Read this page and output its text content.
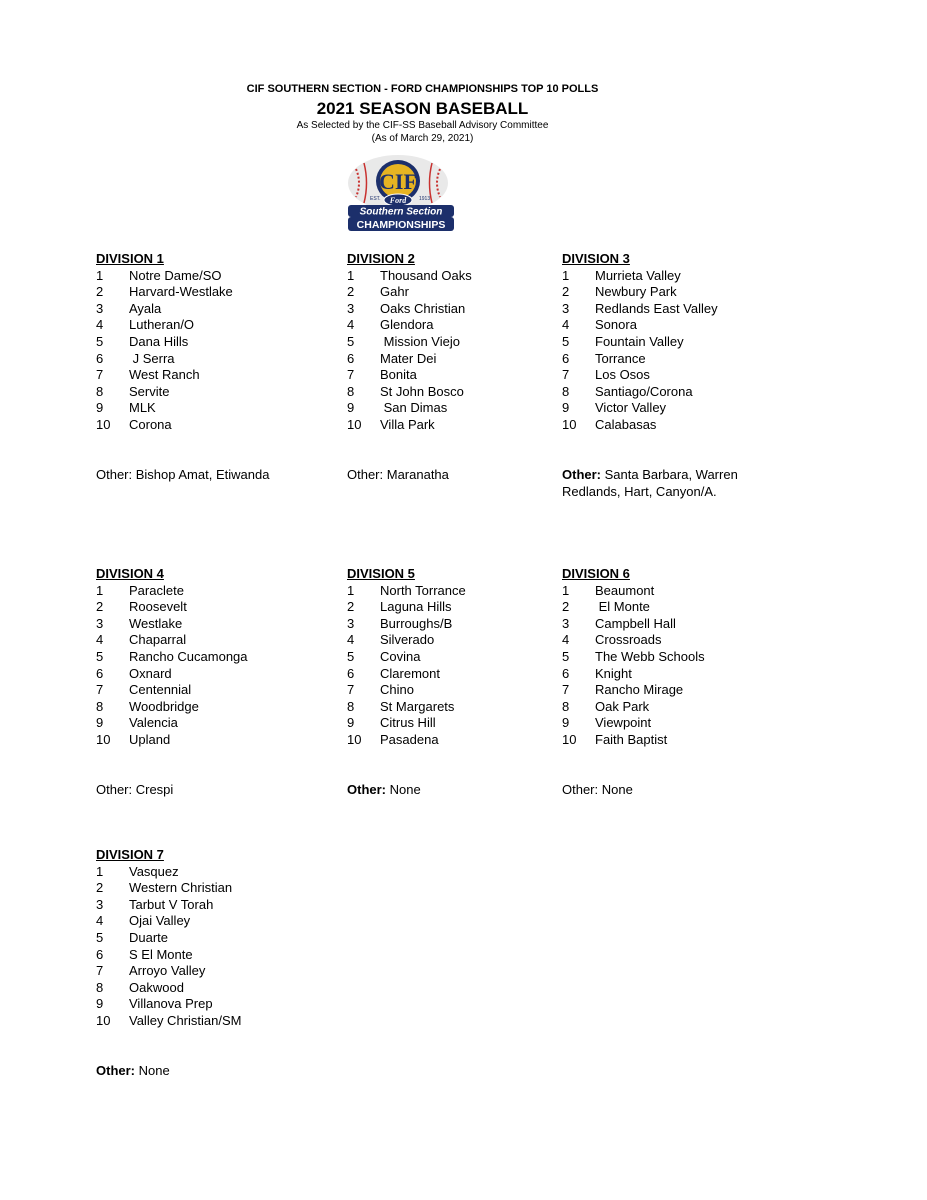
CIF SOUTHERN SECTION - FORD CHAMPIONSHIPS TOP 10 POLLS
2021 SEASON BASEBALL
As Selected by the CIF-SS Baseball Advisory Committee
(As of March 29, 2021)
CIF
EST.	1913
Ford
Southern Section
CHAMPIONSHIPS
DIVISION 1
1 Notre Dame/SO
2 Harvard-Westlake
3 Ayala
4 Lutheran/O
5 Dana Hills
6 J Serra
7 West Ranch
8 Servite
9 MLK
10 Corona
Other: Bishop Amat, Etiwanda
DIVISION 2
1 Thousand Oaks
2 Gahr
3 Oaks Christian
4 Glendora
5 Mission Viejo
6 Mater Dei
7 Bonita
8 St John Bosco
9 San Dimas
10 Villa Park
Other: Maranatha
DIVISION 3
1 Murrieta Valley
2 Newbury Park
3 Redlands East Valley
4 Sonora
5 Fountain Valley
6 Torrance
7 Los Osos
8 Santiago/Corona
9 Victor Valley
10 Calabasas
Other: Santa Barbara, Warren
Redlands, Hart, Canyon/A.
DIVISION 4
1 Paraclete
2 Roosevelt
3 Westlake
4 Chaparral
5 Rancho Cucamonga
6 Oxnard
7 Centennial
8 Woodbridge
9 Valencia
10 Upland
Other: Crespi
DIVISION 5
1 North Torrance
2 Laguna Hills
3 Burroughs/B
4 Silverado
5 Covina
6 Claremont
7 Chino
8 St Margarets
9 Citrus Hill
10 Pasadena
Other: None
DIVISION 6
1 Beaumont
2 El Monte
3 Campbell Hall
4 Crossroads
5 The Webb Schools
6 Knight
7 Rancho Mirage
8 Oak Park
9 Viewpoint
10 Faith Baptist
Other: None
DIVISION 7
1 Vasquez
2 Western Christian
3 Tarbut V Torah
4 Ojai Valley
5 Duarte
6 S El Monte
7 Arroyo Valley
8 Oakwood
9 Villanova Prep
10 Valley Christian/SM
Other: None
